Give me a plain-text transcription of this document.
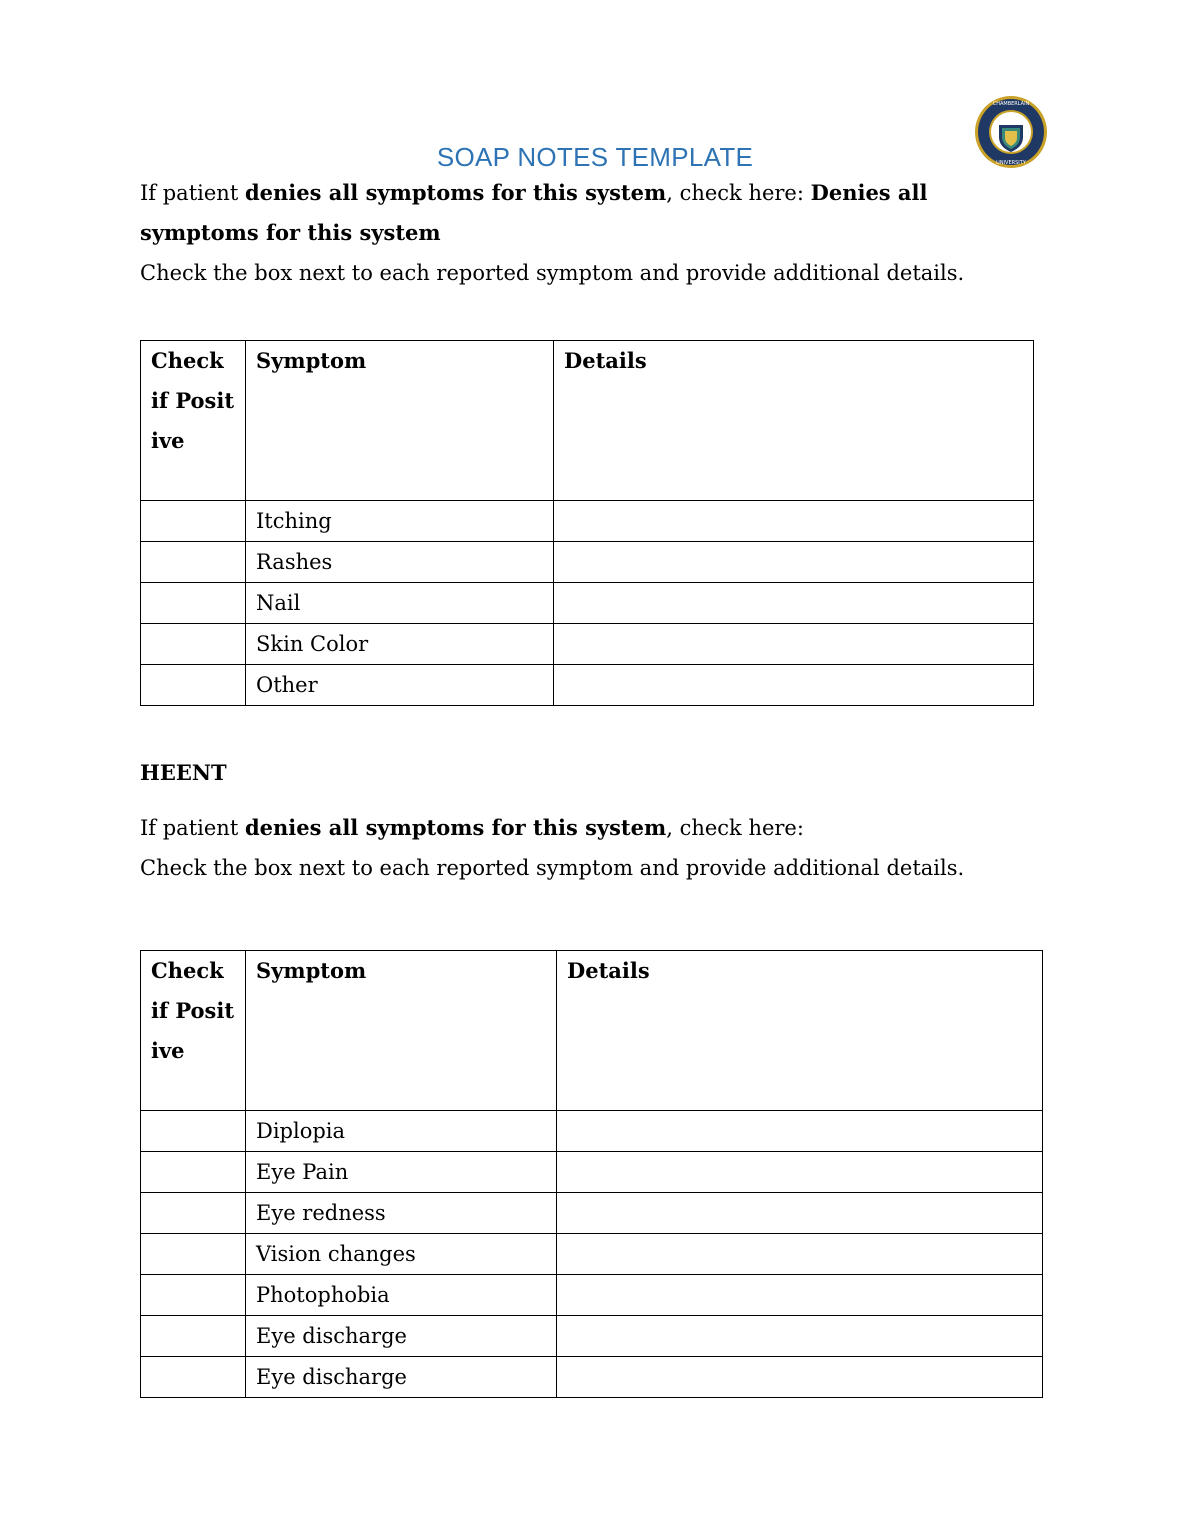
CHAMBERLAIN
UNIVERSITY
SOAP NOTES TEMPLATE

If patient denies all symptoms for this system, check here: Denies all symptoms for this system

Check the box next to each reported symptom and provide additional details.

Check if Positive	Symptom	Details
	Itching	
	Rashes	
	Nail	
	Skin Color	
	Other	

HEENT

If patient denies all symptoms for this system, check here:

Check the box next to each reported symptom and provide additional details.

Check if Positive	Symptom	Details
	Diplopia	
	Eye Pain	
	Eye redness	
	Vision changes	
	Photophobia	
	Eye discharge	
	Eye discharge	
